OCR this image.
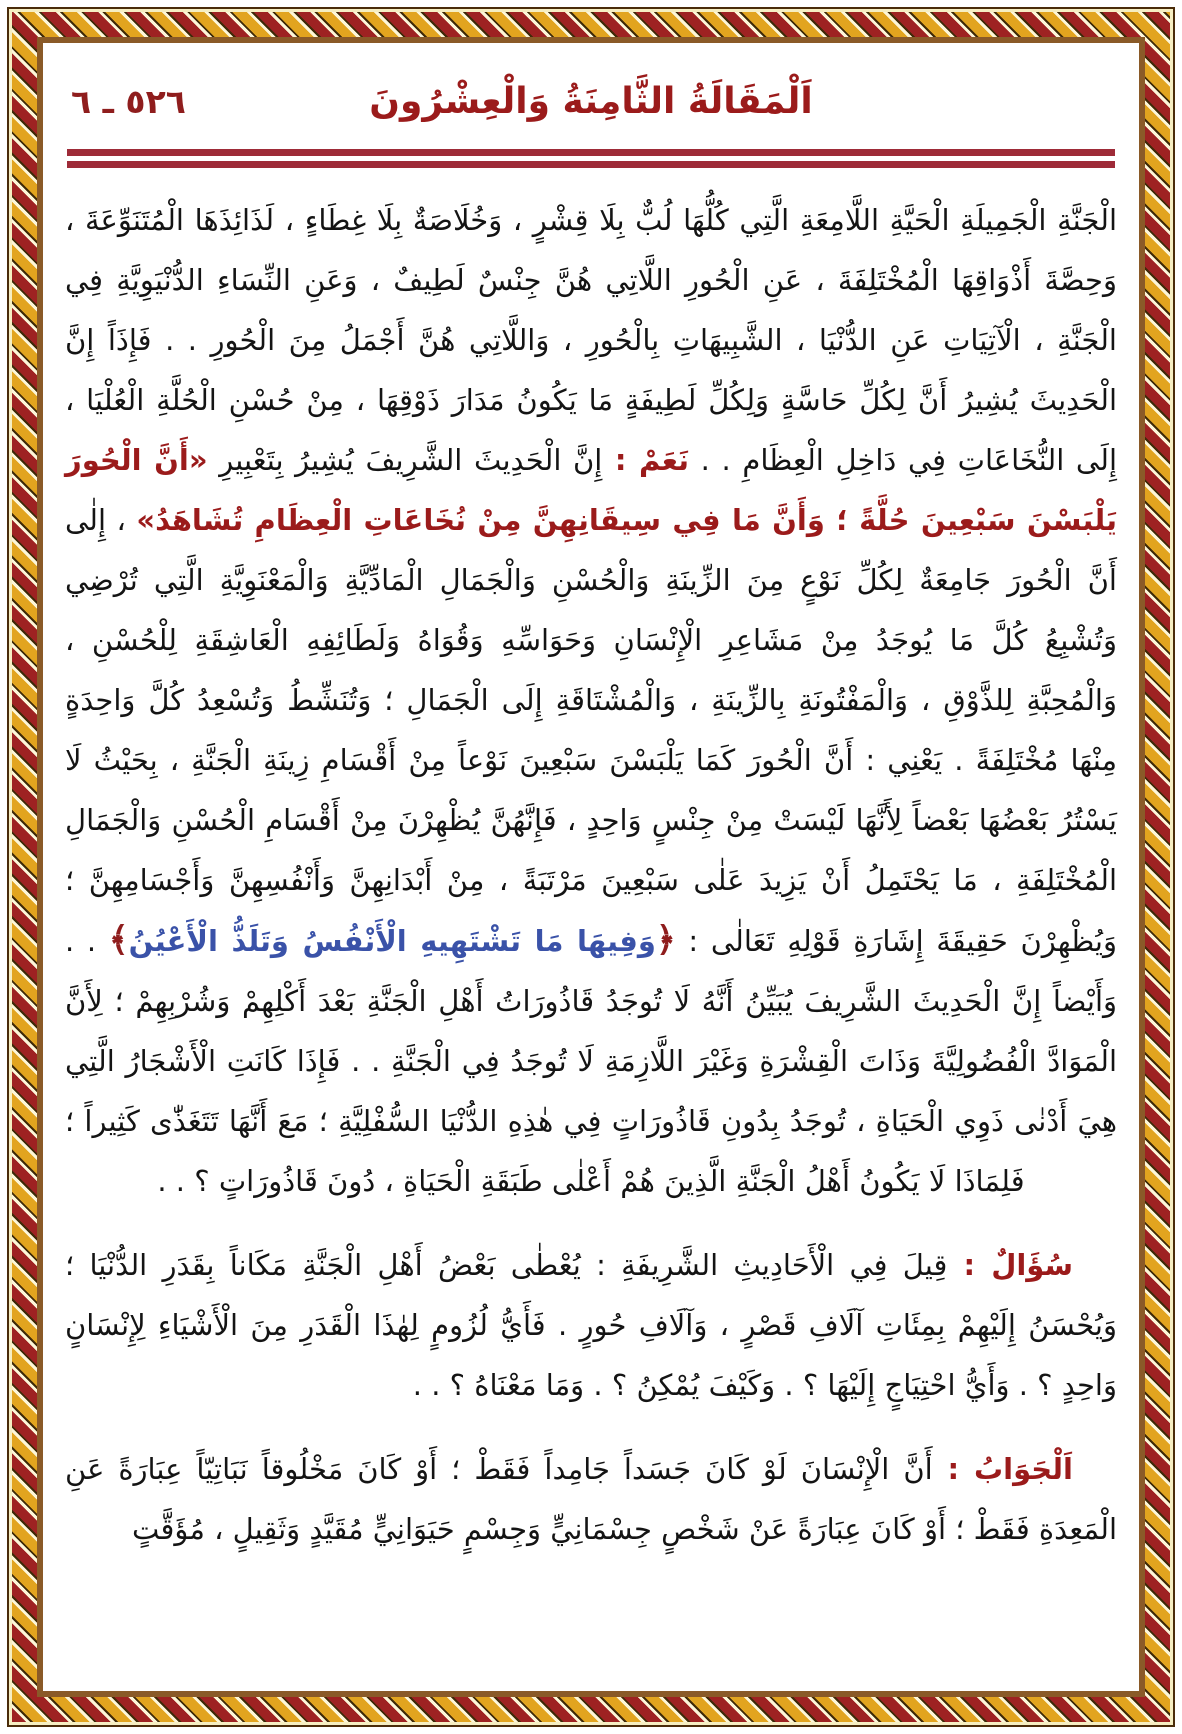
اَلْمَقَالَةُ الثَّامِنَةُ وَالْعِشْرُونَ
٥٢٦ ـ ٦

الْجَنَّةِ الْجَمِيلَةِ الْحَيَّةِ اللَّامِعَةِ الَّتِي كُلُّهَا لُبٌّ بِلَا قِشْرٍ ، وَخُلَاصَةٌ بِلَا غِطَاءٍ ، لَذَائِذَهَا الْمُتَنَوِّعَةَ ، وَحِصَّةَ أَذْوَاقِهَا الْمُخْتَلِفَةَ ، عَنِ الْحُورِ اللَّاتِي هُنَّ جِنْسٌ لَطِيفٌ ، وَعَنِ النِّسَاءِ الدُّنْيَوِيَّةِ فِي الْجَنَّةِ ، الْآتِيَاتِ عَنِ الدُّنْيَا ، الشَّبِيهَاتِ بِالْحُورِ ، وَاللَّاتِي هُنَّ أَجْمَلُ مِنَ الْحُورِ . . فَإِذَاً إِنَّ الْحَدِيثَ يُشِيرُ أَنَّ لِكُلِّ حَاسَّةٍ وَلِكُلِّ لَطِيفَةٍ مَا يَكُونُ مَدَارَ ذَوْقِهَا ، مِنْ حُسْنِ الْحُلَّةِ الْعُلْيَا ، إِلَى النُّخَاعَاتِ فِي دَاخِلِ الْعِظَامِ . . نَعَمْ : إِنَّ الْحَدِيثَ الشَّرِيفَ يُشِيرُ بِتَعْبِيرِ «أَنَّ الْحُورَ يَلْبَسْنَ سَبْعِينَ حُلَّةً ؛ وَأَنَّ مَا فِي سِيقَانِهِنَّ مِنْ نُخَاعَاتِ الْعِظَامِ تُشَاهَدُ» ، إِلٰى أَنَّ الْحُورَ جَامِعَةٌ لِكُلِّ نَوْعٍ مِنَ الزِّينَةِ وَالْحُسْنِ وَالْجَمَالِ الْمَادِّيَّةِ وَالْمَعْنَوِيَّةِ الَّتِي تُرْضِي وَتُشْبِعُ كُلَّ مَا يُوجَدُ مِنْ مَشَاعِرِ الْإِنْسَانِ وَحَوَاسِّهِ وَقُوَاهُ وَلَطَائِفِهِ الْعَاشِقَةِ لِلْحُسْنِ ، وَالْمُحِبَّةِ لِلذَّوْقِ ، وَالْمَفْتُونَةِ بِالزِّينَةِ ، وَالْمُشْتَاقَةِ إِلَى الْجَمَالِ ؛ وَتُنَشِّطُ وَتُسْعِدُ كُلَّ وَاحِدَةٍ مِنْهَا مُخْتَلِفَةً . يَعْنِي : أَنَّ الْحُورَ كَمَا يَلْبَسْنَ سَبْعِينَ نَوْعاً مِنْ أَقْسَامِ زِينَةِ الْجَنَّةِ ، بِحَيْثُ لَا يَسْتُرُ بَعْضُهَا بَعْضاً لِأَنَّهَا لَيْسَتْ مِنْ جِنْسٍ وَاحِدٍ ، فَإِنَّهُنَّ يُظْهِرْنَ مِنْ أَقْسَامِ الْحُسْنِ وَالْجَمَالِ الْمُخْتَلِفَةِ ، مَا يَحْتَمِلُ أَنْ يَزِيدَ عَلٰى سَبْعِينَ مَرْتَبَةً ، مِنْ أَبْدَانِهِنَّ وَأَنْفُسِهِنَّ وَأَجْسَامِهِنَّ ؛ وَيُظْهِرْنَ حَقِيقَةَ إِشَارَةِ قَوْلِهِ تَعَالٰى : ﴿وَفِيهَا مَا تَشْتَهِيهِ الْأَنْفُسُ وَتَلَذُّ الْأَعْيُنُ﴾ . . وَأَيْضاً إِنَّ الْحَدِيثَ الشَّرِيفَ يُبَيِّنُ أَنَّهُ لَا تُوجَدُ قَاذُورَاتُ أَهْلِ الْجَنَّةِ بَعْدَ أَكْلِهِمْ وَشُرْبِهِمْ ؛ لِأَنَّ الْمَوَادَّ الْفُضُولِيَّةَ وَذَاتَ الْقِشْرَةِ وَغَيْرَ اللَّازِمَةِ لَا تُوجَدُ فِي الْجَنَّةِ . . فَإِذَا كَانَتِ الْأَشْجَارُ الَّتِي هِيَ أَدْنٰى ذَوِي الْحَيَاةِ ، تُوجَدُ بِدُونِ قَاذُورَاتٍ فِي هٰذِهِ الدُّنْيَا السُّفْلِيَّةِ ؛ مَعَ أَنَّهَا تَتَغَذّٰى كَثِيراً ؛ فَلِمَاذَا لَا يَكُونُ أَهْلُ الْجَنَّةِ الَّذِينَ هُمْ أَعْلٰى طَبَقَةِ الْحَيَاةِ ، دُونَ قَاذُورَاتٍ ؟ . .

سُؤَالٌ : قِيلَ فِي الْأَحَادِيثِ الشَّرِيفَةِ : يُعْطٰى بَعْضُ أَهْلِ الْجَنَّةِ مَكَاناً بِقَدَرِ الدُّنْيَا ؛ وَيُحْسَنُ إِلَيْهِمْ بِمِئَاتِ آلَافِ قَصْرٍ ، وَآلَافِ حُورٍ . فَأَيُّ لُزُومٍ لِهٰذَا الْقَدَرِ مِنَ الْأَشْيَاءِ لِإِنْسَانٍ وَاحِدٍ ؟ . وَأَيُّ احْتِيَاجٍ إِلَيْهَا ؟ . وَكَيْفَ يُمْكِنُ ؟ . وَمَا مَعْنَاهُ ؟ . .

اَلْجَوَابُ : أَنَّ الْإِنْسَانَ لَوْ كَانَ جَسَداً جَامِداً فَقَطْ ؛ أَوْ كَانَ مَخْلُوقاً نَبَاتِيّاً عِبَارَةً عَنِ الْمَعِدَةِ فَقَطْ ؛ أَوْ كَانَ عِبَارَةً عَنْ شَخْصٍ جِسْمَانِيٍّ وَجِسْمٍ حَيَوَانِيٍّ مُقَيَّدٍ وَثَقِيلٍ ، مُؤَقَّتٍ
